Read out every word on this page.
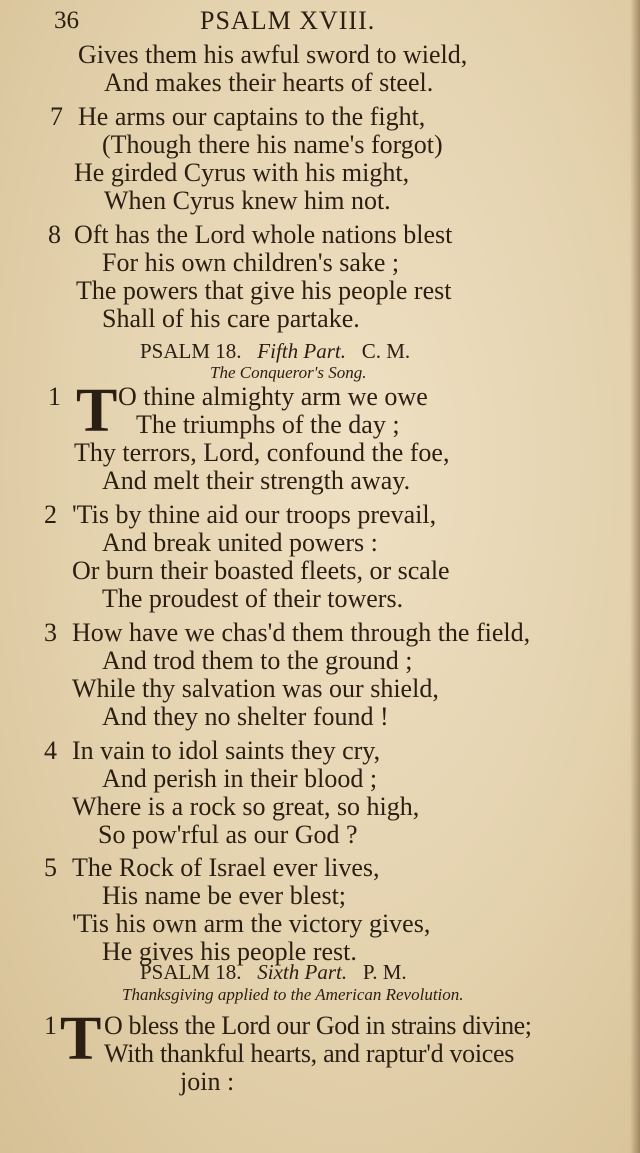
36	PSALM XVIII.
Gives them his awful sword to wield,
And makes their hearts of steel.
7 He arms our captains to the fight,
(Though there his name's forgot)
He girded Cyrus with his might,
When Cyrus knew him not.
8 Oft has the Lord whole nations blest
For his own children's sake ;
The powers that give his people rest
Shall of his care partake.
PSALM 18. Fifth Part. C. M.
The Conqueror's Song.
1 T O thine almighty arm we owe
The triumphs of the day ;
Thy terrors, Lord, confound the foe,
And melt their strength away.
2 'Tis by thine aid our troops prevail,
And break united powers :
Or burn their boasted fleets, or scale
The proudest of their towers.
3 How have we chas'd them through the field,
And trod them to the ground ;
While thy salvation was our shield,
And they no shelter found !
4 In vain to idol saints they cry,
And perish in their blood ;
Where is a rock so great, so high,
So pow'rful as our God ?
5 The Rock of Israel ever lives,
His name be ever blest;
'Tis his own arm the victory gives,
He gives his people rest.
PSALM 18. Sixth Part. P. M.
Thanksgiving applied to the American Revolution.
1 T O bless the Lord our God in strains divine;
With thankful hearts, and raptur'd voices
join :
